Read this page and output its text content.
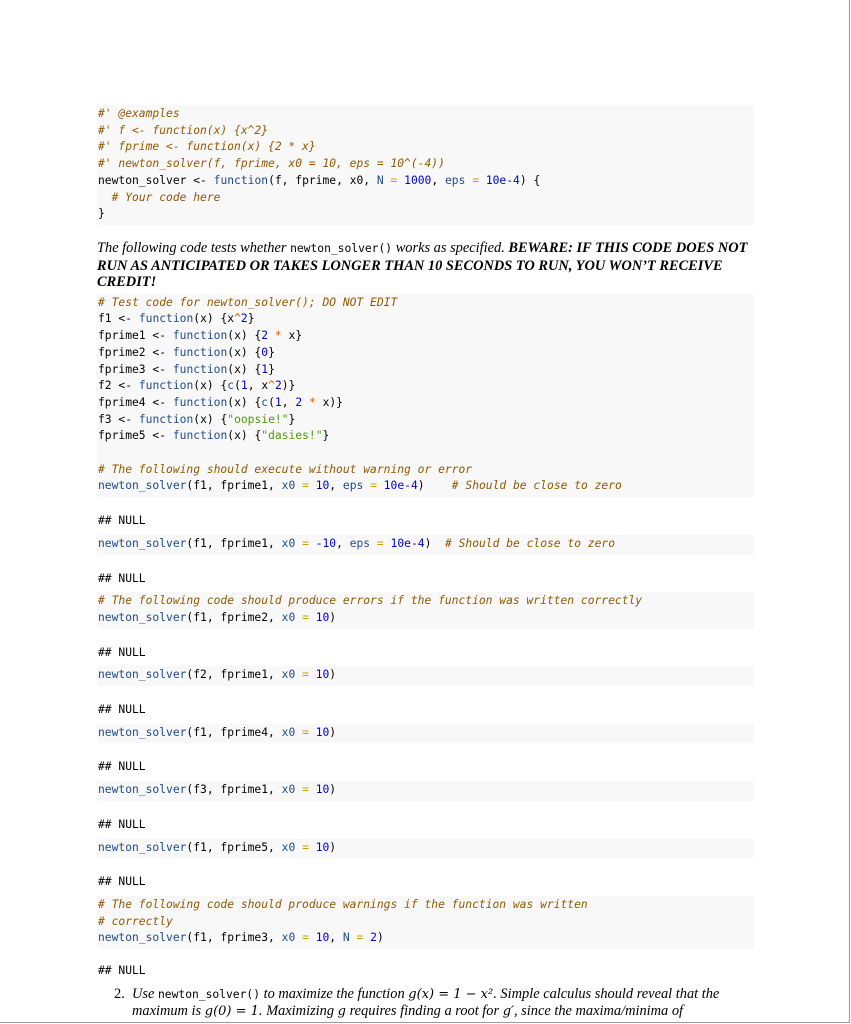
#' @examples
#' f <- function(x) {x^2}
#' fprime <- function(x) {2 * x}
#' newton_solver(f, fprime, x0 = 10, eps = 10^(-4))
newton_solver <- function(f, fprime, x0, N = 1000, eps = 10e-4) {
# Your code here
}
The following code tests whether newton_solver() works as specified. BEWARE: IF THIS CODE DOES NOT RUN AS ANTICIPATED OR TAKES LONGER THAN 10 SECONDS TO RUN, YOU WON’T RECEIVE CREDIT!
# Test code for newton_solver(); DO NOT EDIT
f1 <- function(x) {x^2}
fprime1 <- function(x) {2 * x}
fprime2 <- function(x) {0}
fprime3 <- function(x) {1}
f2 <- function(x) {c(1, x^2)}
fprime4 <- function(x) {c(1, 2 * x)}
f3 <- function(x) {"oopsie!"}
fprime5 <- function(x) {"dasies!"}

# The following should execute without warning or error
newton_solver(f1, fprime1, x0 = 10, eps = 10e-4) # Should be close to zero
## NULL
newton_solver(f1, fprime1, x0 = -10, eps = 10e-4) # Should be close to zero
## NULL
# The following code should produce errors if the function was written correctly
newton_solver(f1, fprime2, x0 = 10)
## NULL
newton_solver(f2, fprime1, x0 = 10)
## NULL
newton_solver(f1, fprime4, x0 = 10)
## NULL
newton_solver(f3, fprime1, x0 = 10)
## NULL
newton_solver(f1, fprime5, x0 = 10)
## NULL
# The following code should produce warnings if the function was written
# correctly
newton_solver(f1, fprime3, x0 = 10, N = 2)
## NULL
2. Use newton_solver() to maximize the function g(x) = 1 − x². Simple calculus should reveal that the maximum is g(0) = 1. Maximizing g requires finding a root for g′, since the maxima/minima of
